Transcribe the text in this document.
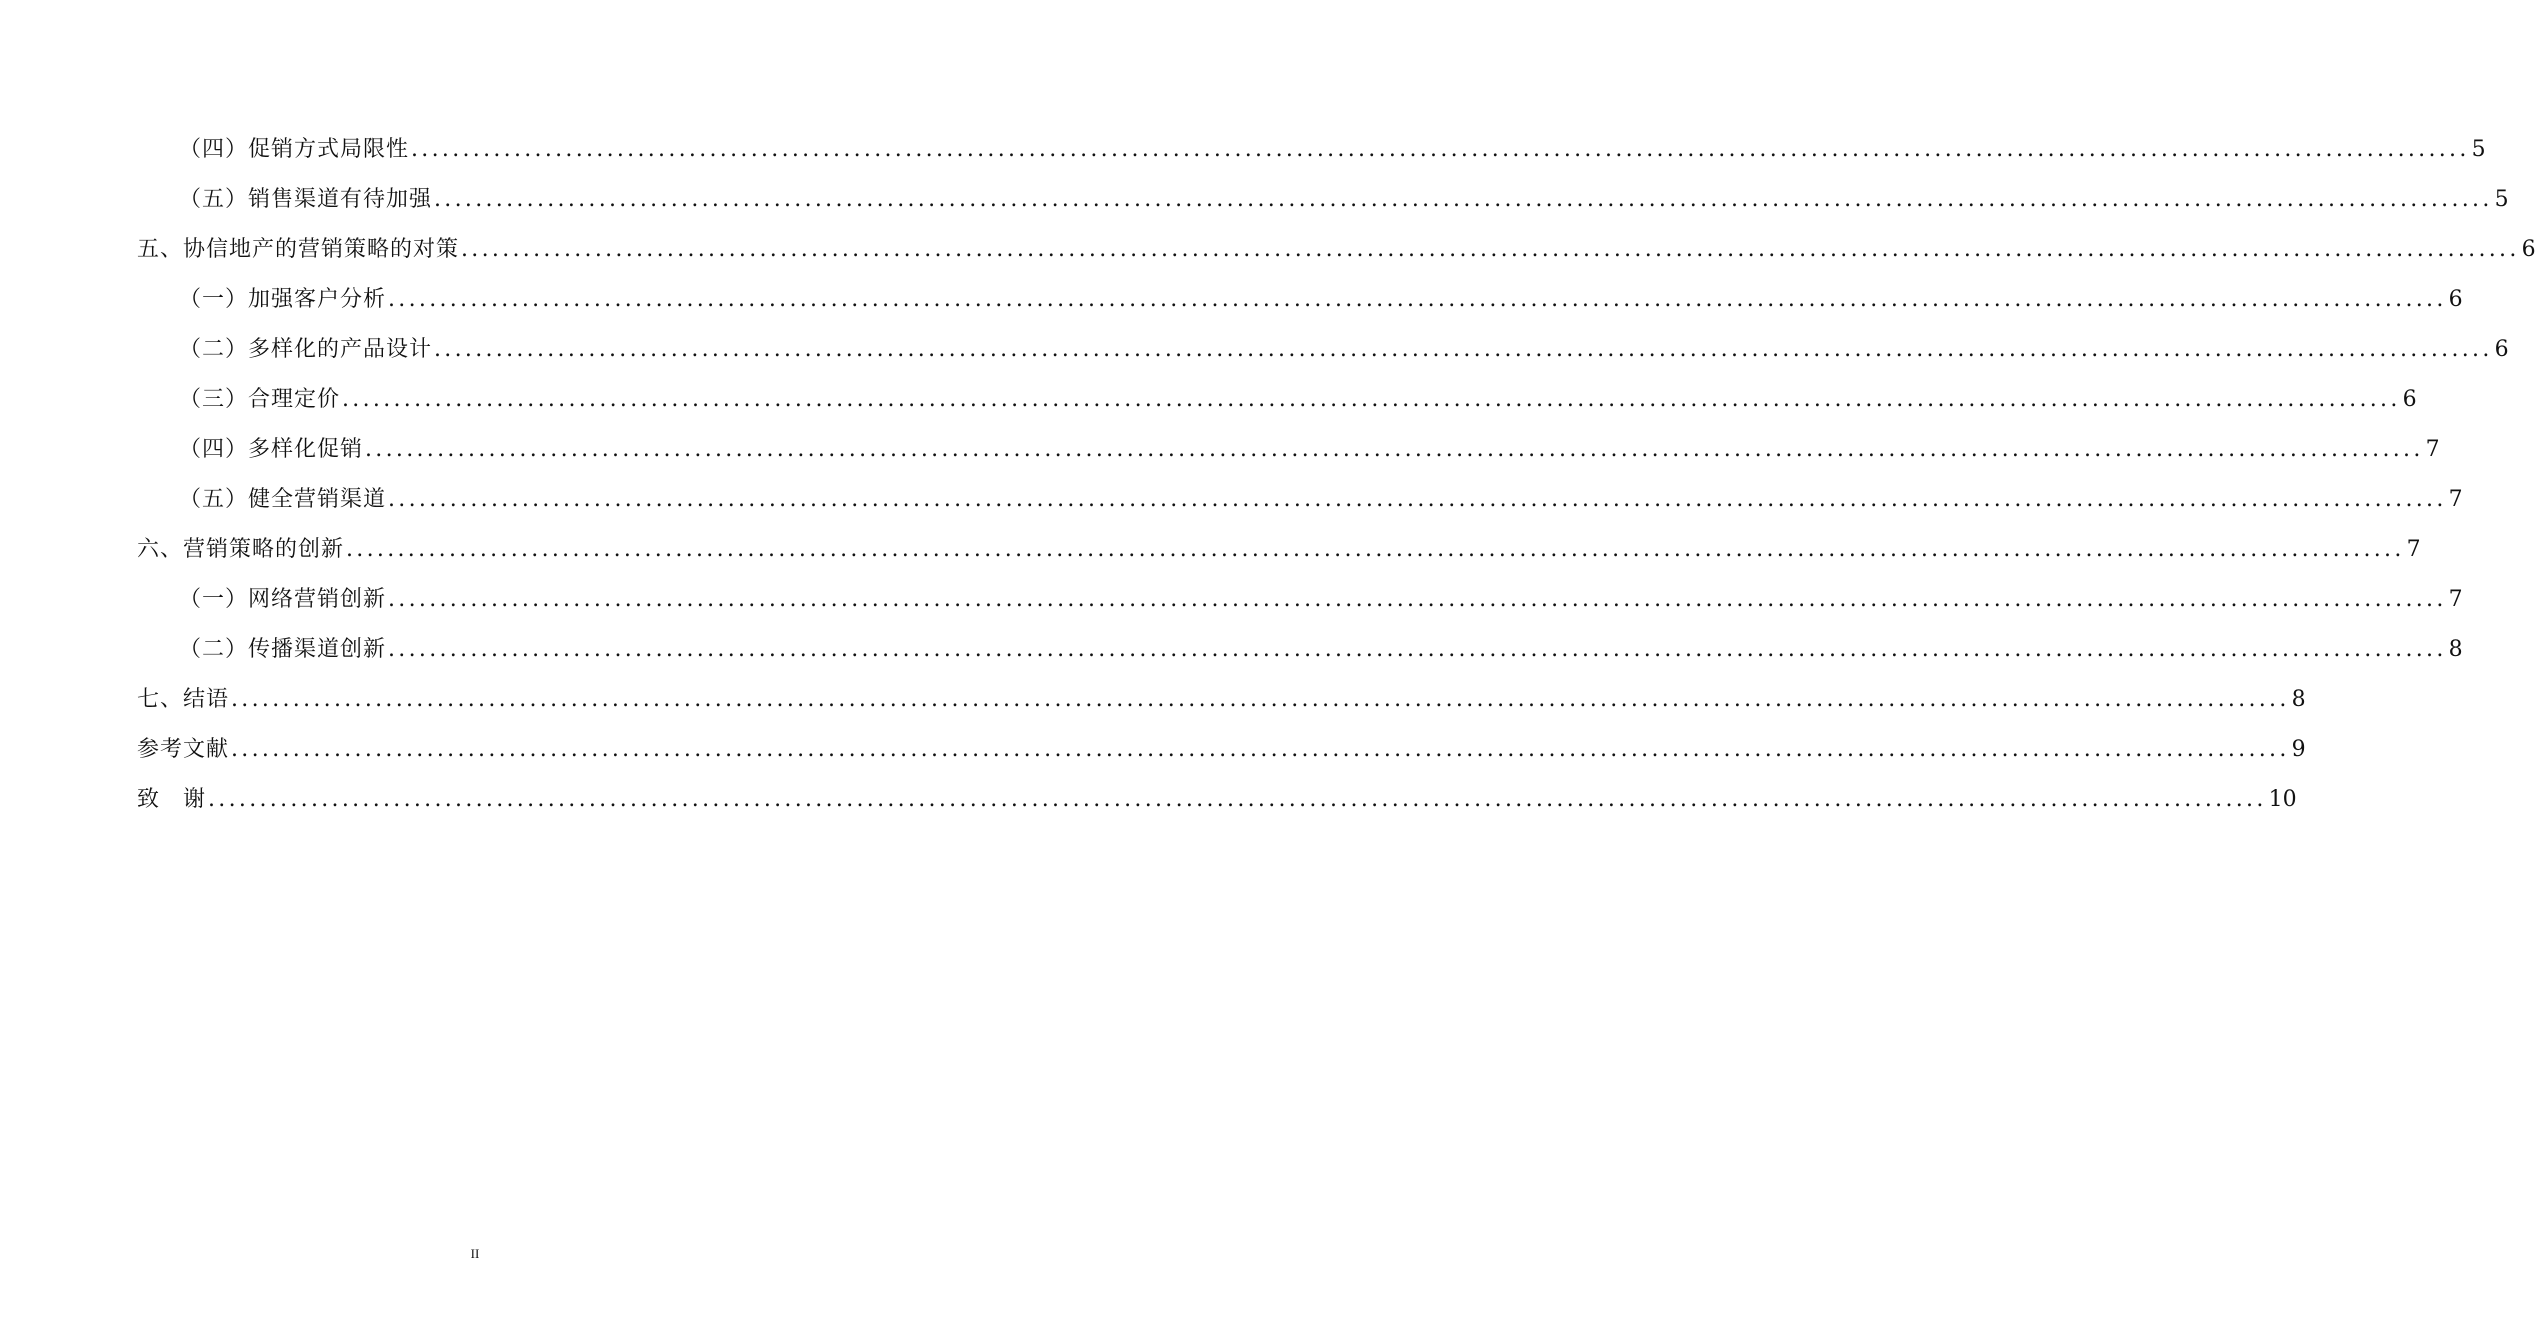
（四）促销方式局限性 ........................................................................................................................................................................................................ 5
（五）销售渠道有待加强 ........................................................................................................................................................................................................ 5
五、协信地产的营销策略的对策 ........................................................................................................................................................................................................ 6
（一）加强客户分析 ........................................................................................................................................................................................................ 6
（二）多样化的产品设计 ........................................................................................................................................................................................................ 6
（三）合理定价 ........................................................................................................................................................................................................ 6
（四）多样化促销 ........................................................................................................................................................................................................ 7
（五）健全营销渠道 ........................................................................................................................................................................................................ 7
六、营销策略的创新 ........................................................................................................................................................................................................ 7
（一）网络营销创新 ........................................................................................................................................................................................................ 7
（二）传播渠道创新 ........................................................................................................................................................................................................ 8
七、结语 ........................................................................................................................................................................................................ 8
参考文献 ........................................................................................................................................................................................................ 9
致　谢 ........................................................................................................................................................................................................ 10
II
